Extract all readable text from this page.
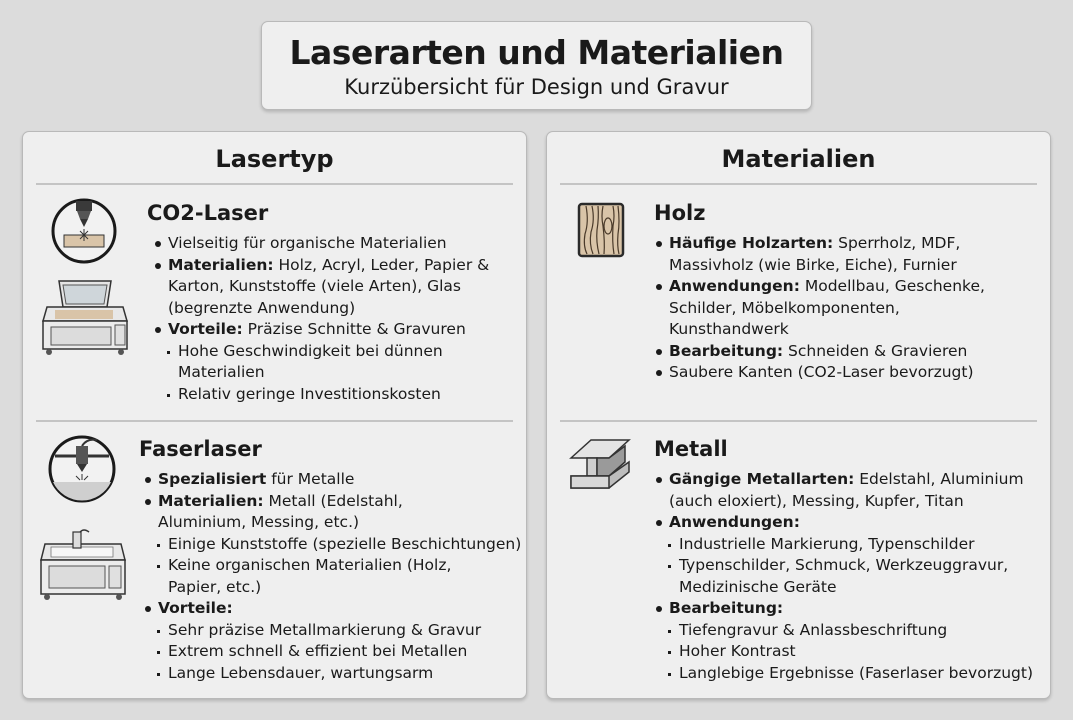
Laserarten und Materialien
Kurzübersicht für Design und Gravur
Lasertyp
CO2-Laser
Vielseitig für organische Materialien
Materialien: Holz, Acryl, Leder, Papier & Karton, Kunststoffe (viele Arten), Glas (begrenzte Anwendung)
Vorteile: Präzise Schnitte & Gravuren
Hohe Geschwindigkeit bei dünnen Materialien
Relativ geringe Investitionskosten
Faserlaser
Spezialisiert für Metalle
Materialien: Metall (Edelstahl, Aluminium, Messing, etc.)
Einige Kunststoffe (spezielle Beschichtungen)
Keine organischen Materialien (Holz, Papier, etc.)
Vorteile:
Sehr präzise Metallmarkierung & Gravur
Extrem schnell & effizient bei Metallen
Lange Lebensdauer, wartungsarm
Materialien
Holz
Häufige Holzarten: Sperrholz, MDF, Massivholz (wie Birke, Eiche), Furnier
Anwendungen: Modellbau, Geschenke, Schilder, Möbelkomponenten, Kunsthandwerk
Bearbeitung: Schneiden & Gravieren
Saubere Kanten (CO2-Laser bevorzugt)
Metall
Gängige Metallarten: Edelstahl, Aluminium (auch eloxiert), Messing, Kupfer, Titan
Anwendungen:
Industrielle Markierung, Typenschilder
Typenschilder, Schmuck, Werkzeuggravur, Medizinische Geräte
Bearbeitung:
Tiefengravur & Anlassbeschriftung
Hoher Kontrast
Langlebige Ergebnisse (Faserlaser bevorzugt)
